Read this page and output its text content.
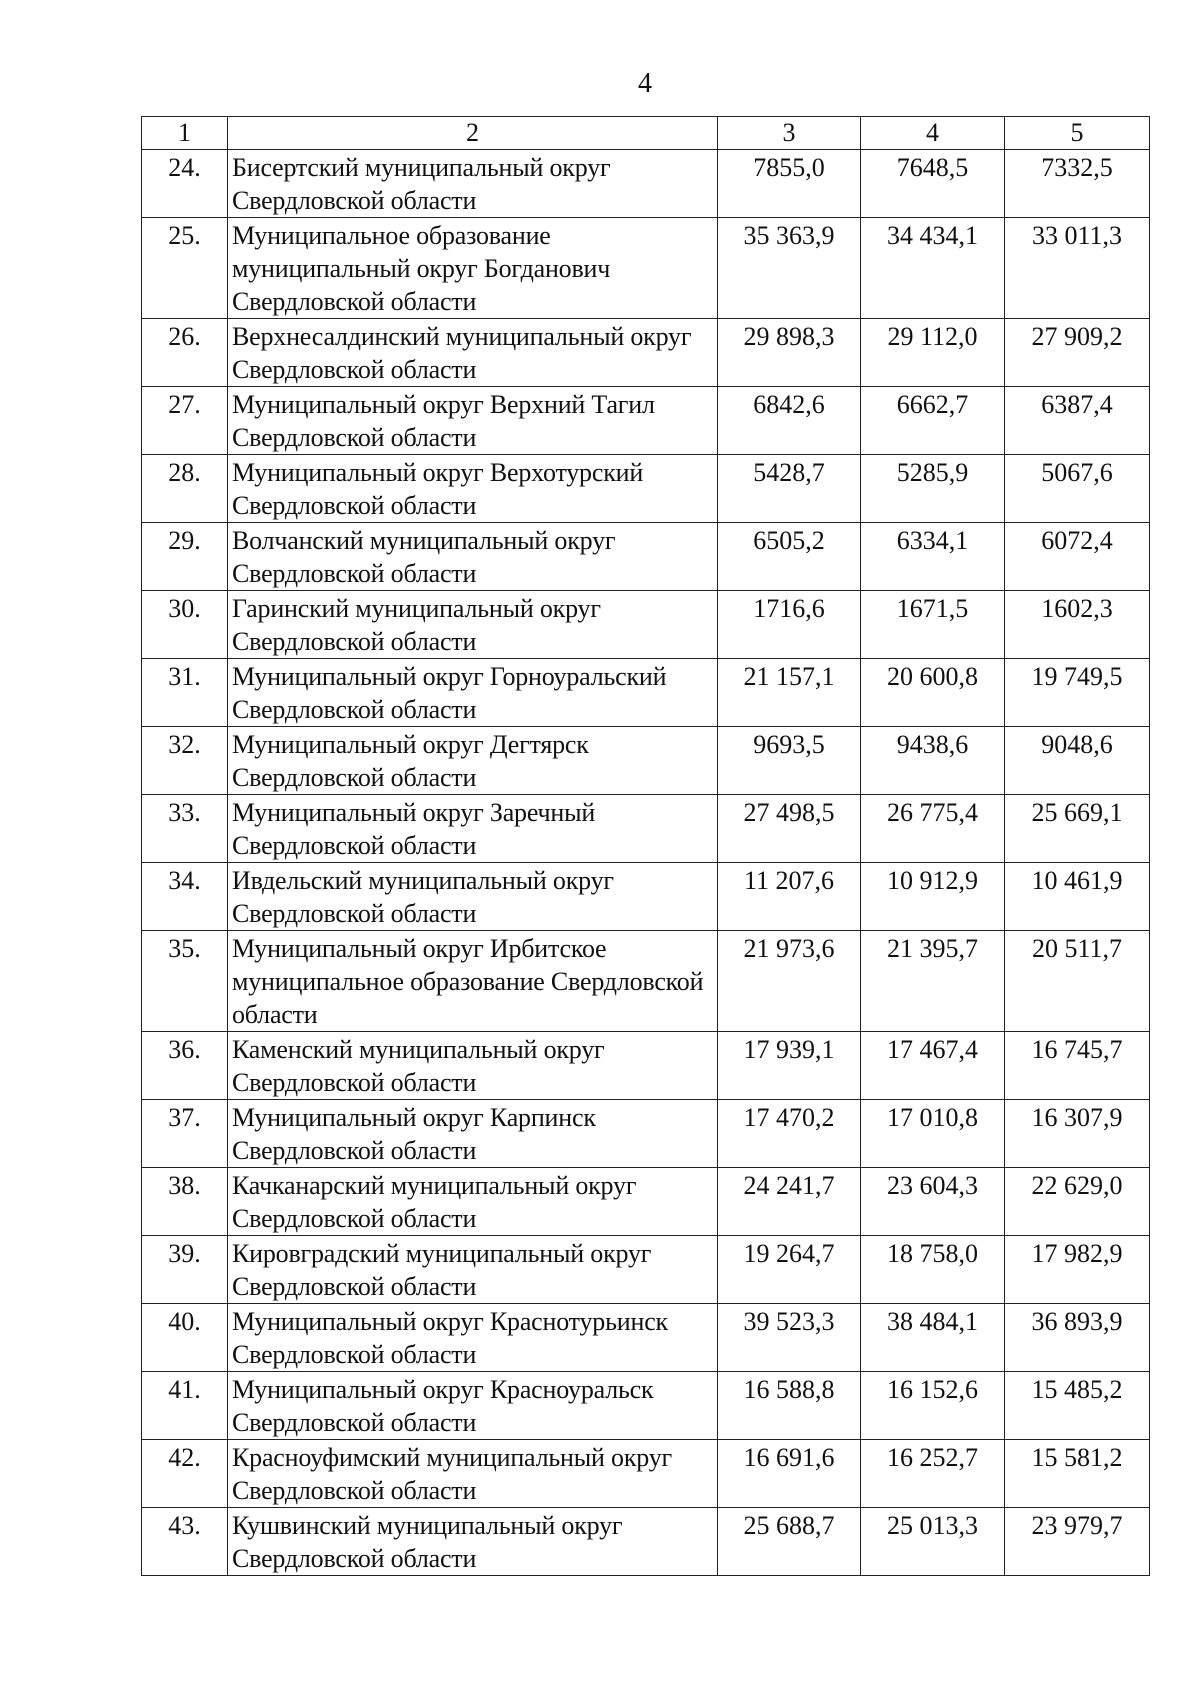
4
1	2	3	4	5
24.	Бисертский муниципальный округ Свердловской области	7855,0	7648,5	7332,5
25.	Муниципальное образование муниципальный округ Богданович Свердловской области	35 363,9	34 434,1	33 011,3
26.	Верхнесалдинский муниципальный округ Свердловской области	29 898,3	29 112,0	27 909,2
27.	Муниципальный округ Верхний Тагил Свердловской области	6842,6	6662,7	6387,4
28.	Муниципальный округ Верхотурский Свердловской области	5428,7	5285,9	5067,6
29.	Волчанский муниципальный округ Свердловской области	6505,2	6334,1	6072,4
30.	Гаринский муниципальный округ Свердловской области	1716,6	1671,5	1602,3
31.	Муниципальный округ Горноуральский Свердловской области	21 157,1	20 600,8	19 749,5
32.	Муниципальный округ Дегтярск Свердловской области	9693,5	9438,6	9048,6
33.	Муниципальный округ Заречный Свердловской области	27 498,5	26 775,4	25 669,1
34.	Ивдельский муниципальный округ Свердловской области	11 207,6	10 912,9	10 461,9
35.	Муниципальный округ Ирбитское муниципальное образование Свердловской области	21 973,6	21 395,7	20 511,7
36.	Каменский муниципальный округ Свердловской области	17 939,1	17 467,4	16 745,7
37.	Муниципальный округ Карпинск Свердловской области	17 470,2	17 010,8	16 307,9
38.	Качканарский муниципальный округ Свердловской области	24 241,7	23 604,3	22 629,0
39.	Кировградский муниципальный округ Свердловской области	19 264,7	18 758,0	17 982,9
40.	Муниципальный округ Краснотурьинск Свердловской области	39 523,3	38 484,1	36 893,9
41.	Муниципальный округ Красноуральск Свердловской области	16 588,8	16 152,6	15 485,2
42.	Красноуфимский муниципальный округ Свердловской области	16 691,6	16 252,7	15 581,2
43.	Кушвинский муниципальный округ Свердловской области	25 688,7	25 013,3	23 979,7
